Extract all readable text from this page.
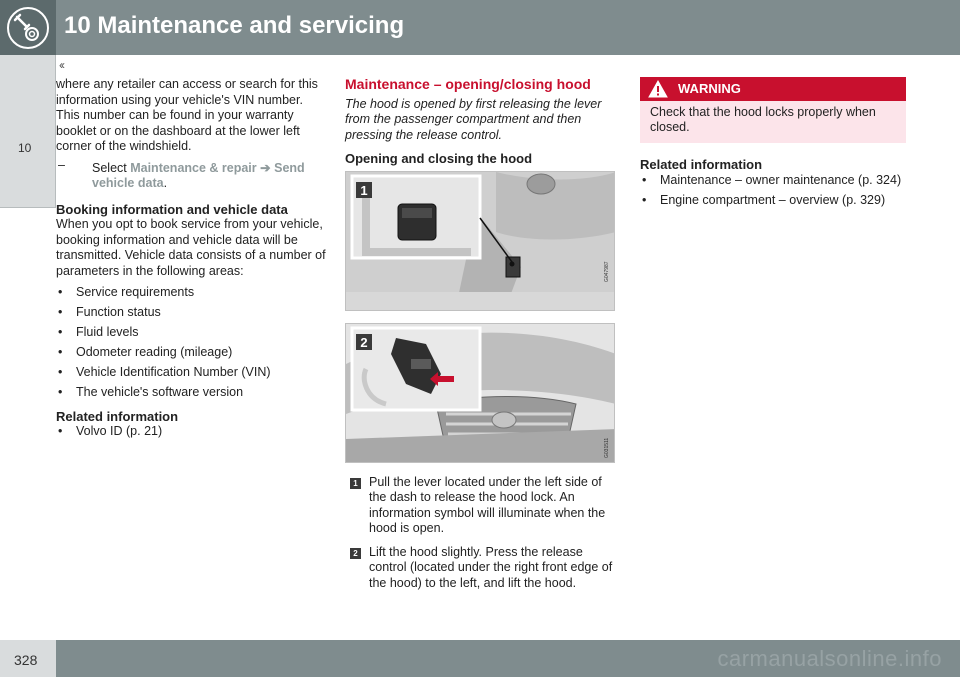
10 Maintenance and servicing
‹‹
10

where any retailer can access or search for this information using your vehicle's VIN number. This number can be found in your warranty booklet or on the dashboard at the lower left corner of the windshield.

– Select Maintenance & repair ➔ Send vehicle data.
Booking information and vehicle data

When you opt to book service from your vehicle, booking information and vehicle data will be transmitted. Vehicle data consists of a number of parameters in the following areas:

• Service requirements
• Function status
• Fluid levels
• Odometer reading (mileage)
• Vehicle Identification Number (VIN)
• The vehicle's software version
Related information
• Volvo ID (p. 21)
Maintenance – opening/closing hood

The hood is opened by first releasing the lever from the passenger compartment and then pressing the release control.

Opening and closing the hood
1
G047987
2
G031511
1 Pull the lever located under the left side of the dash to release the hood lock. An information symbol will illuminate when the hood is open.
2 Lift the hood slightly. Press the release control (located under the right front edge of the hood) to the left, and lift the hood.
WARNING
Check that the hood locks properly when closed.
Related information
• Maintenance – owner maintenance (p. 324)
• Engine compartment – overview (p. 329)
328	carmanualsonline.info
